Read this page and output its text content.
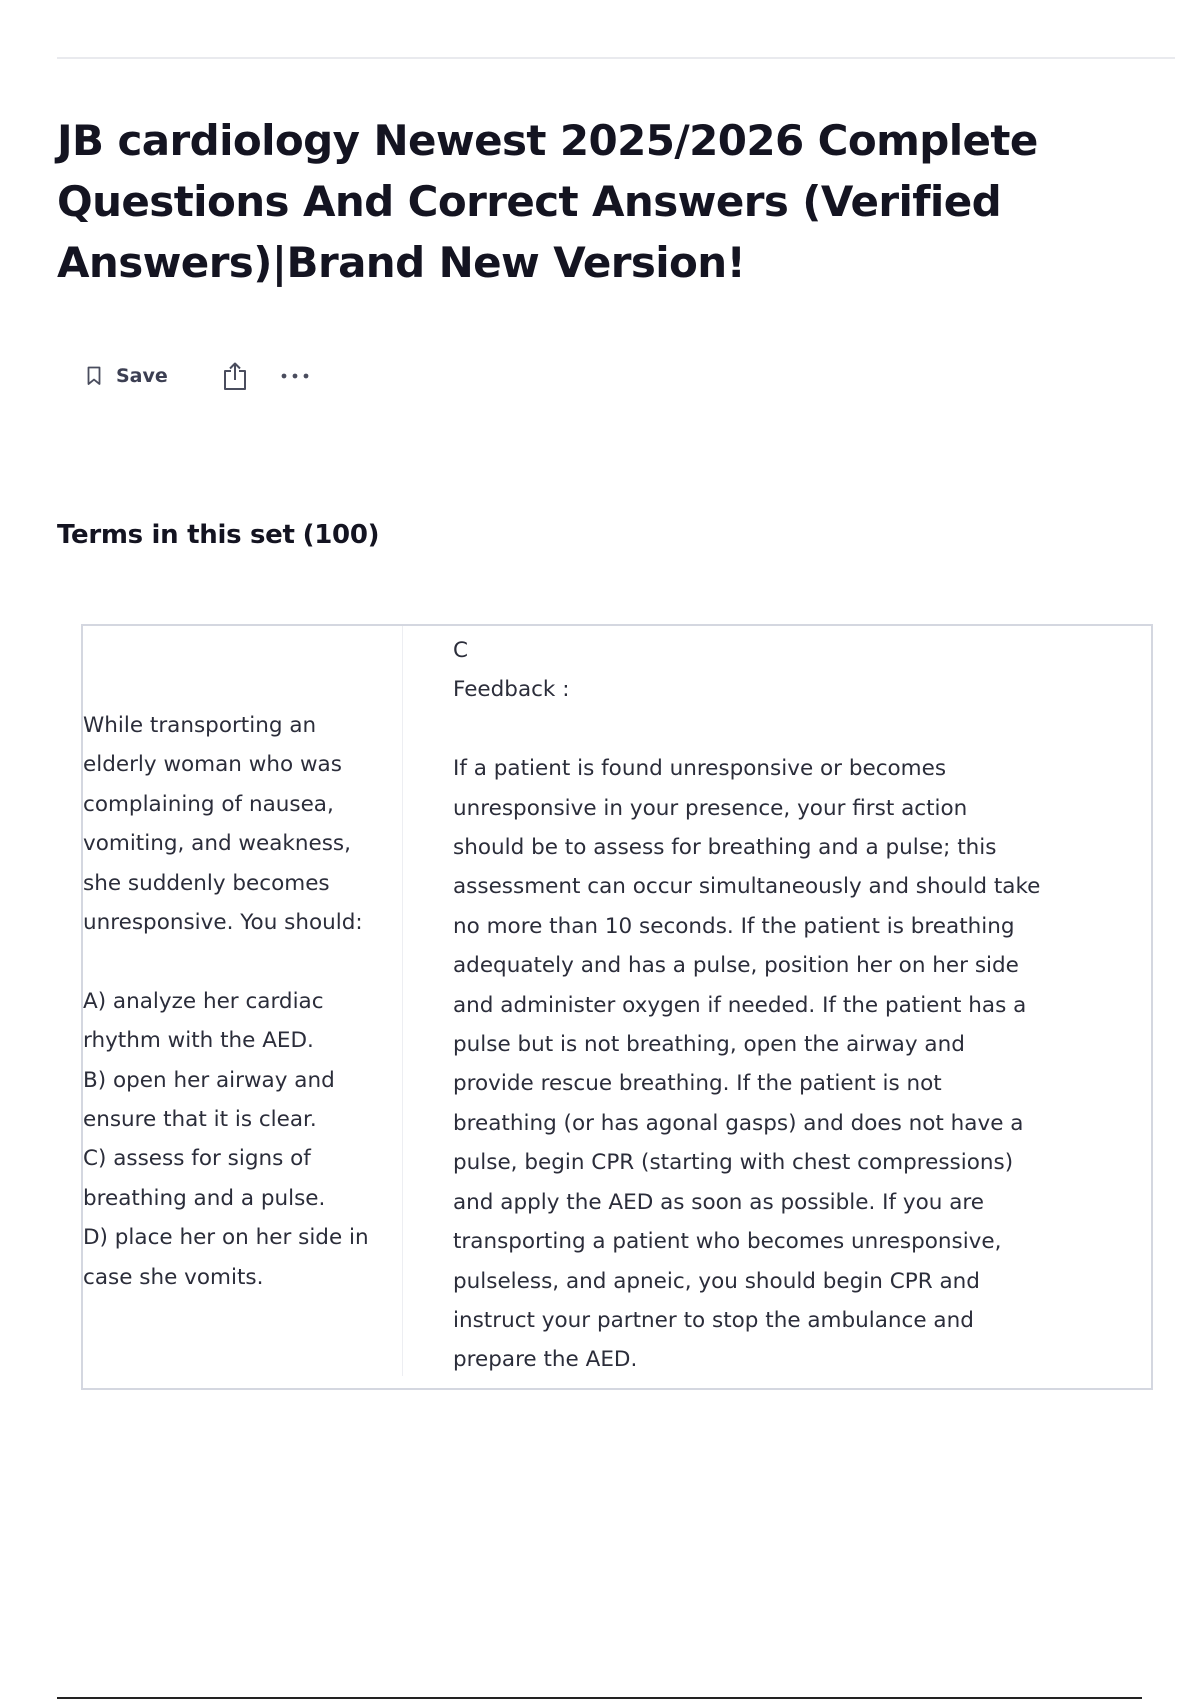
JB cardiology Newest 2025/2026 Complete Questions And Correct Answers (Verified Answers)|Brand New Version!
Save
Terms in this set (100)
While transporting an
elderly woman who was
complaining of nausea,
vomiting, and weakness,
she suddenly becomes
unresponsive. You should:

A) analyze her cardiac
rhythm with the AED.
B) open her airway and
ensure that it is clear.
C) assess for signs of
breathing and a pulse.
D) place her on her side in
case she vomits.
C
Feedback :

If a patient is found unresponsive or becomes
unresponsive in your presence, your first action
should be to assess for breathing and a pulse; this
assessment can occur simultaneously and should take
no more than 10 seconds. If the patient is breathing
adequately and has a pulse, position her on her side
and administer oxygen if needed. If the patient has a
pulse but is not breathing, open the airway and
provide rescue breathing. If the patient is not
breathing (or has agonal gasps) and does not have a
pulse, begin CPR (starting with chest compressions)
and apply the AED as soon as possible. If you are
transporting a patient who becomes unresponsive,
pulseless, and apneic, you should begin CPR and
instruct your partner to stop the ambulance and
prepare the AED.
